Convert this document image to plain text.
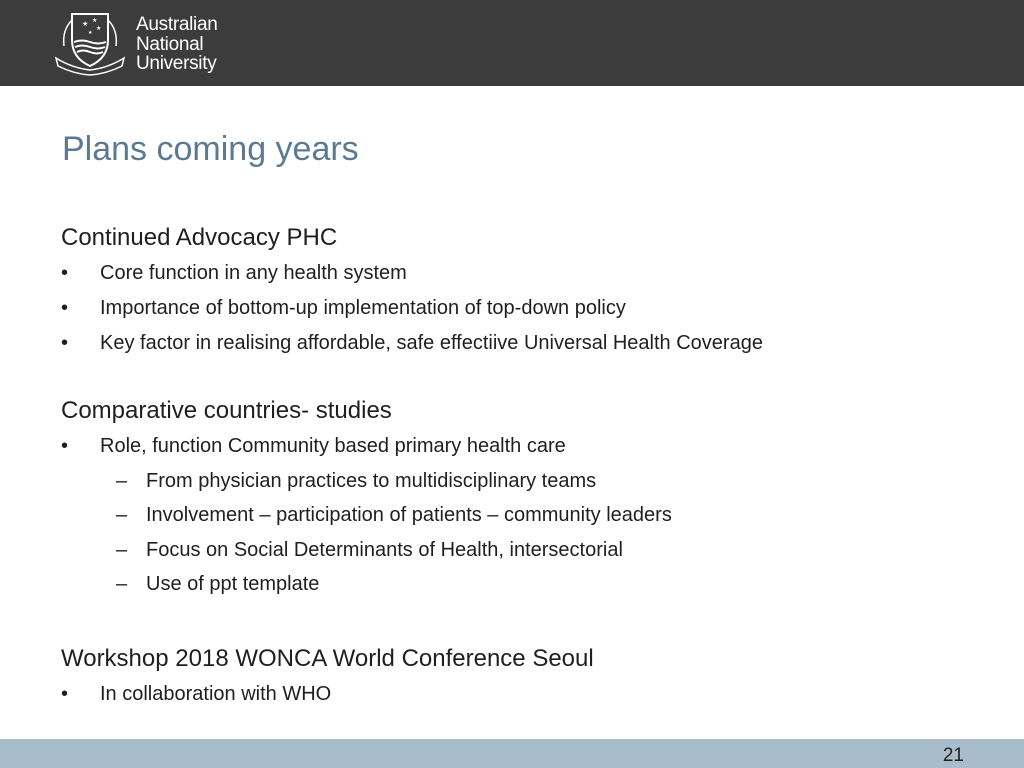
★ ★
★
★ Australian
National
University
Plans coming years
Continued Advocacy PHC
• Core function in any health system
• Importance of bottom-up implementation of top-down policy
• Key factor in realising affordable, safe effectiive Universal Health Coverage
Comparative countries- studies
• Role, function Community based primary health care
– From physician practices to multidisciplinary teams
– Involvement – participation of patients – community leaders
– Focus on Social Determinants of Health, intersectorial
– Use of ppt template
Workshop 2018 WONCA World Conference Seoul
• In collaboration with WHO
21
